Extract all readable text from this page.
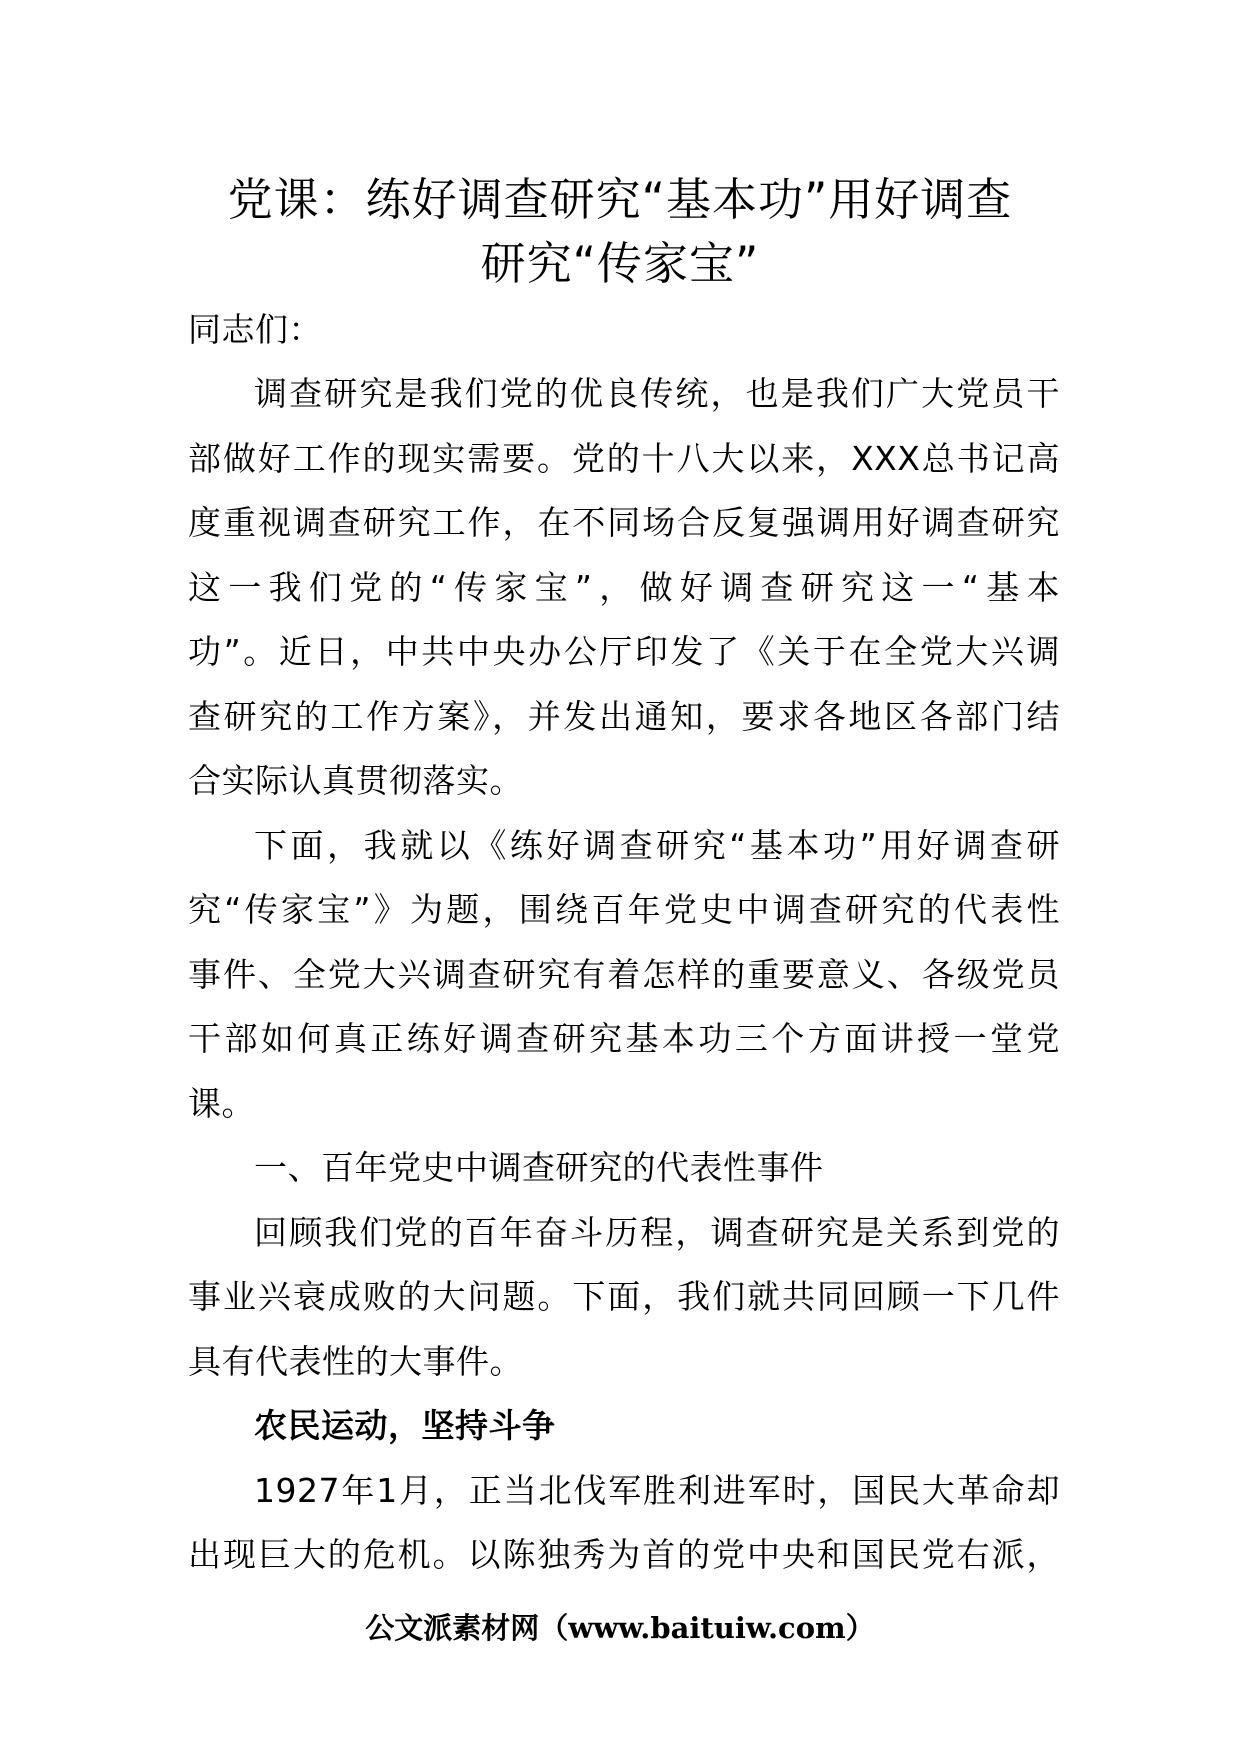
党课：练好调查研究“基本功”用好调查
研究“传家宝”
同志们：
调查研究是我们党的优良传统，也是我们广大党员干
部做好工作的现实需要。党的十八大以来，XXX总书记高
度重视调查研究工作，在不同场合反复强调用好调查研究
这一我们党的“传家宝”，做好调查研究这一“基本
功”。近日，中共中央办公厅印发了《关于在全党大兴调
查研究的工作方案》，并发出通知，要求各地区各部门结
合实际认真贯彻落实。
下面，我就以《练好调查研究“基本功”用好调查研
究“传家宝”》为题，围绕百年党史中调查研究的代表性
事件、全党大兴调查研究有着怎样的重要意义、各级党员
干部如何真正练好调查研究基本功三个方面讲授一堂党
课。
一、百年党史中调查研究的代表性事件
回顾我们党的百年奋斗历程，调查研究是关系到党的
事业兴衰成败的大问题。下面，我们就共同回顾一下几件
具有代表性的大事件。
农民运动，坚持斗争
1927年1月，正当北伐军胜利进军时，国民大革命却
出现巨大的危机。以陈独秀为首的党中央和国民党右派，
公文派素材网（www.baituiw.com）
